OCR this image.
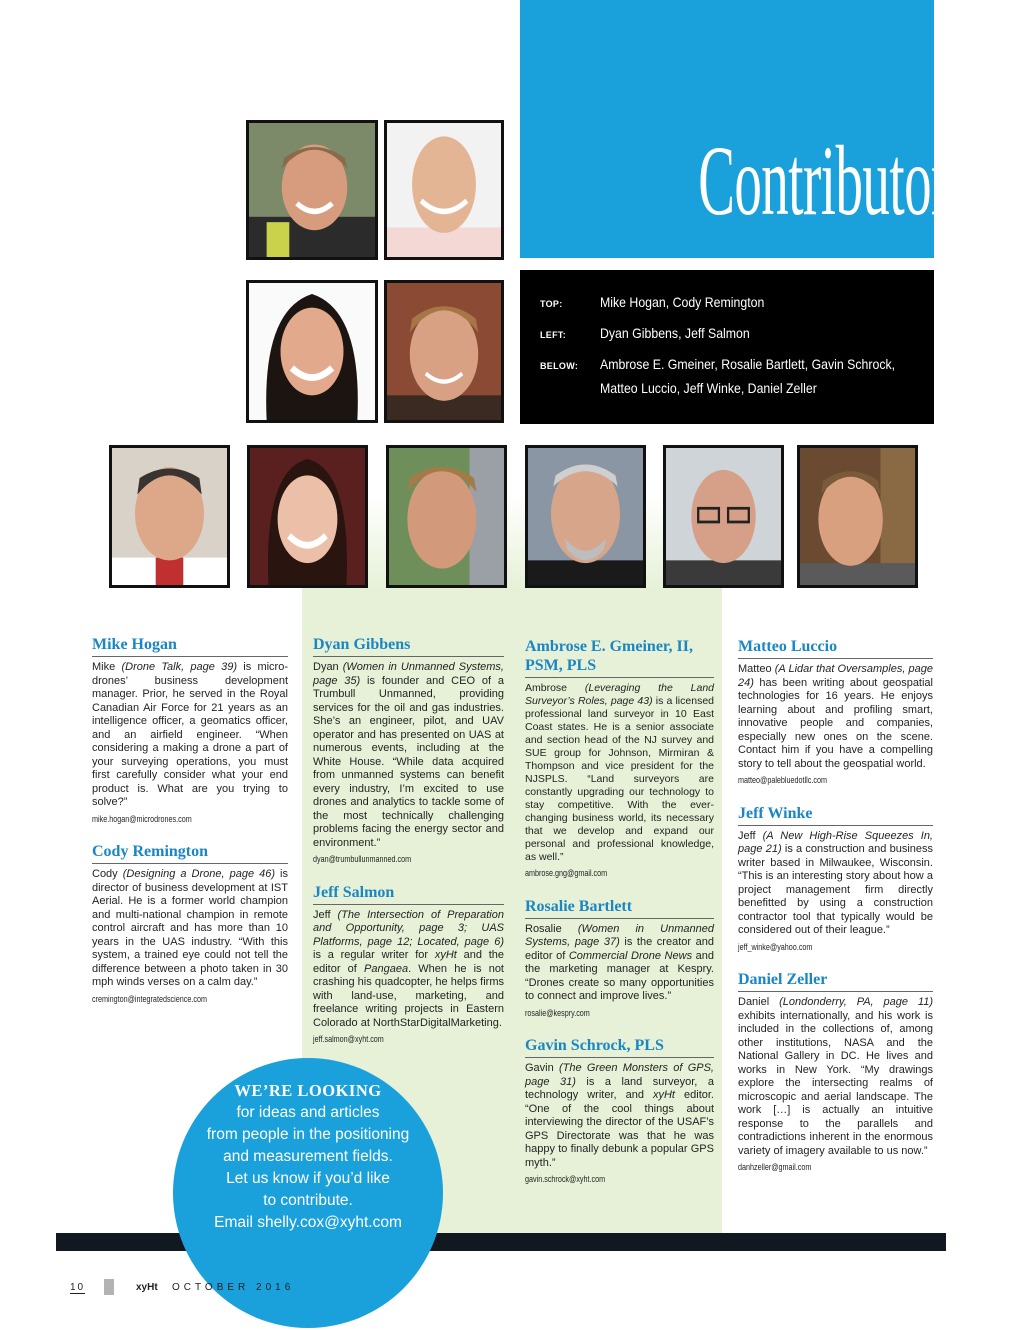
Contributors
TOP:	Mike Hogan, Cody Remington
LEFT: Dyan Gibbens, Jeff Salmon
BELOW: Ambrose E. Gmeiner, Rosalie Bartlett, Gavin Schrock,
Matteo Luccio, Jeff Winke, Daniel Zeller
Mike Hogan
Mike (Drone Talk, page 39) is micro-drones’ business development manager. Prior, he served in the Royal Canadian Air Force for 21 years as an intelligence officer, a geomatics officer, and an airfield engineer. “When considering a making a drone a part of your surveying operations, you must first carefully consider what your end product is. What are you trying to solve?”
mike.hogan@microdrones.com
Cody Remington
Cody (Designing a Drone, page 46) is director of business development at IST Aerial. He is a former world champion and multi-national champion in remote control aircraft and has more than 10 years in the UAS industry. “With this system, a trained eye could not tell the difference between a photo taken in 30 mph winds verses on a calm day.”
cremington@integratedscience.com
Dyan Gibbens
Dyan (Women in Unmanned Systems, page 35) is founder and CEO of a Trumbull Unmanned, providing services for the oil and gas industries. She’s an engineer, pilot, and UAV operator and has presented on UAS at numerous events, including at the White House. “While data acquired from unmanned systems can benefit every industry, I’m excited to use drones and analytics to tackle some of the most technically challenging problems facing the energy sector and environment.”
dyan@trumbullunmanned.com
Jeff Salmon
Jeff (The Intersection of Preparation and Opportunity, page 3; UAS Platforms, page 12; Located, page 6) is a regular writer for xyHt and the editor of Pangaea. When he is not crashing his quadcopter, he helps firms with land-use, marketing, and freelance writing projects in Eastern Colorado at NorthStarDigitalMarketing.
jeff.salmon@xyht.com
Ambrose E. Gmeiner, II, PSM, PLS
Ambrose (Leveraging the Land Surveyor’s Roles, page 43) is a licensed professional land surveyor in 10 East Coast states. He is a senior associate and section head of the NJ survey and SUE group for Johnson, Mirmiran & Thompson and vice president for the NJSPLS. “Land surveyors are constantly upgrading our technology to stay competitive. With the ever-changing business world, its necessary that we develop and expand our personal and professional knowledge, as well.”
ambrose.gng@gmail.com
Rosalie Bartlett
Rosalie (Women in Unmanned Systems, page 37) is the creator and editor of Commercial Drone News and the marketing manager at Kespry. “Drones create so many opportunities to connect and improve lives.”
rosalie@kespry.com
Gavin Schrock, PLS
Gavin (The Green Monsters of GPS, page 31) is a land surveyor, a technology writer, and xyHt editor. “One of the cool things about interviewing the director of the USAF’s GPS Directorate was that he was happy to finally debunk a popular GPS myth.”
gavin.schrock@xyht.com
Matteo Luccio
Matteo (A Lidar that Oversamples, page 24) has been writing about geospatial technologies for 16 years. He enjoys learning about and profiling smart, innovative people and companies, especially new ones on the scene. Contact him if you have a compelling story to tell about the geospatial world.
matteo@palebluedotllc.com
Jeff Winke
Jeff (A New High-Rise Squeezes In, page 21) is a construction and business writer based in Milwaukee, Wisconsin. “This is an interesting story about how a project management firm directly benefitted by using a construction contractor tool that typically would be considered out of their league.”
jeff_winke@yahoo.com
Daniel Zeller
Daniel (Londonderry, PA, page 11) exhibits internationally, and his work is included in the collections of, among other institutions, NASA and the National Gallery in DC. He lives and works in New York. “My drawings explore the intersecting realms of microscopic and aerial landscape. The work […] is actually an intuitive response to the parallels and contradictions inherent in the enormous variety of imagery available to us now.”
danhzeller@gmail.com
WE’RE LOOKING
for ideas and articles
from people in the positioning
and measurement fields.
Let us know if you’d like
to contribute.
Email shelly.cox@xyht.com
10	xyHt OCTOBER 2016
